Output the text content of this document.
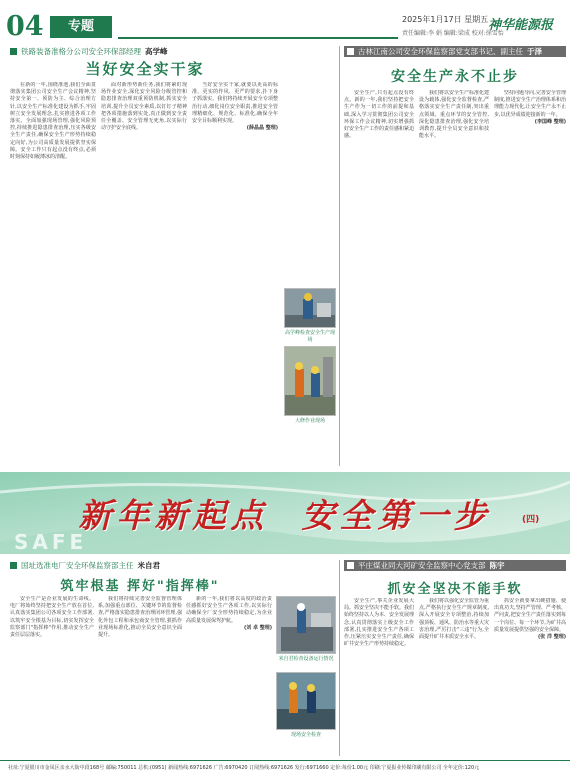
04	专题	2025年1月17日 星期五
责任编辑:李 娟 编辑:梁成 校对:徐雪怡
神华能源报
铁路装备准格分公司安全环保部经理 高学峰
当好安全实干家
在新的一年,围绕准池,我们全面贯彻落实集团公司安全生产会议精神,坚持安全第一、预防为主、综合治理方针,以安全生产标准化建设为抓手,牢固树立安全发展理念,扎实推进各项工作落实。全面加强现场管理,强化风险预控,持续推进隐患排查治理,压实各级安全生产责任,确保安全生产形势持续稳定向好,为公司高质量发展提供坚实保障。安全工作只有起点没有终点,必须时刻保持如履薄冰的清醒。
面对新形势新任务,我们将紧盯现场作业安全,深化安全风险分级管控和隐患排查治理双重预防机制,抓实安全培训,提升全员安全素质,以钉钉子精神把各项措施落到实处,真正做到安全责任全覆盖、安全管理无死角,以实际行动守护安全底线。
当好安全实干家,就要以更高的标准、更实的作风、更严的要求,扑下身子抓落实。我们将持续开展安全专项整治行动,细化岗位安全职责,推进安全管理精细化、规范化、标准化,确保全年安全目标顺利实现。
(薛晶晶 整理)
高学峰检查安全生产现场
大修作业现场
古林江南公司安全环保监察部党支部书记、副主任 于泽
安全生产永不止步
安全生产,只有起点没有终点。新的一年,我们坚持把安全生产作为一切工作的前提和基础,深入学习贯彻集团公司安全环保工作会议精神,切实增强抓好安全生产工作的责任感和紧迫感。
我们将以安全生产标准化建设为载体,强化安全监督检查,严格落实安全生产责任制,突出重点领域、重点环节的安全管控,深化隐患排查治理,强化安全培训教育,提升全员安全意识和技能水平。
坚持问题导向,完善安全管理制度,推进安全生产治理体系和治理能力现代化,让安全生产永不止步,以优异成绩迎接新的一年。
(李国峰 整理)
新年新起点 安全第一步	(四)
SAFE
国址选准电厂安全环保监察部主任 米自君
筑牢根基 挥好"指挥棒"
安全生产是企业发展的生命线。电厂将始终坚持把安全生产放在首位,认真落实集团公司各项安全工作部署,以筑牢安全根基为目标,切实发挥安全监察部门"指挥棒"作用,推动安全生产责任层层落实。
我们将持续完善安全监督管理体系,加强重点部位、关键环节的监督检查,严格落实隐患排查治理闭环管理,强化外包工程和承包商安全管理,狠抓作业现场标准化,推动全员安全意识全面提升。
新的一年,我们将以高度的政治责任感抓好安全生产各项工作,以实际行动确保全厂安全形势持续稳定,为企业高质量发展保驾护航。
(刘 卓 整理)
米自君检查设备运行情况
现场安全检查
平庄煤业同大河矿安全监察中心党支部 陈宇
抓安全坚决不能手软
安全生产,事关企业发展大局。抓安全坚决不能手软。我们始终坚持以人为本、安全发展理念,认真贯彻落实上级安全工作部署,扎实推进安全生产各项工作,压紧压实安全生产责任,确保矿井安全生产形势持续稳定。
我们将以强化安全监管为重点,严格执行安全生产规章制度,深入开展安全专项整治,持续加强顶板、通风、防治水等重大灾害治理,严厉打击"三违"行为,全面提升矿井本质安全水平。
抓安全就要拿出硬措施、使出真功夫,坚持严管理、严考核、严问责,把安全生产责任落实到每一个岗位、每一个环节,为矿井高质量发展提供坚强的安全保障。
(张 洋 整理)
社址:宁夏银川市金凤区亲水大街中段168号 邮编:750011 总机:(0951) 新闻热线:6971626 广告:6970420 订阅热线:6971626 发行:6971660 定价:每份1.00元 印刷:宁夏报业传媒印刷有限公司 全年定价:120元
